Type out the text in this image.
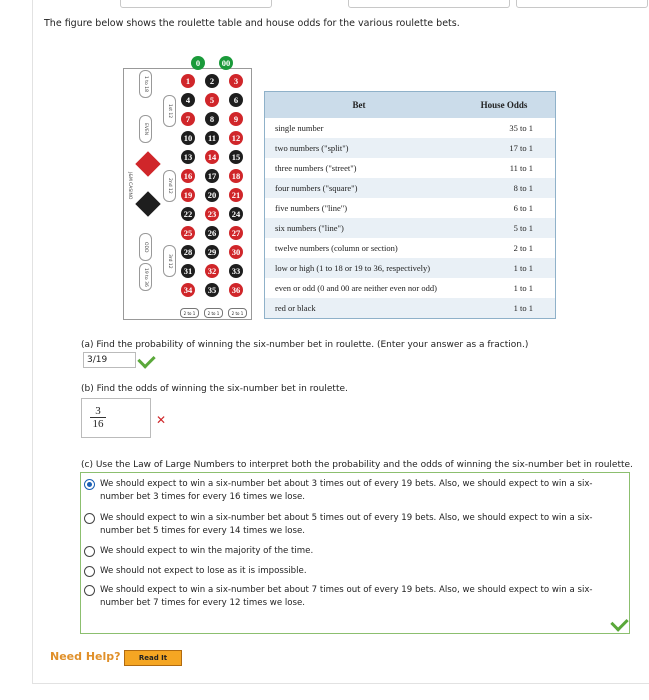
The figure below shows the roulette table and house odds for the various roulette bets.
0	00
1	2	3
4	5	6
7	8	9
10	11	12
13	14	15
16	17	18
19	20	21
22	23	24
25	26	27
28	29	30
31	32	33
34	35	36
1 to 18
EVEN
ODD
19 to 36
1st 12
2nd 12
3rd 12
J&M CASINO
2 to 1	2 to 1	2 to 1
Bet	House Odds
single number	35 to 1
two numbers ("split")	17 to 1
three numbers ("street")	11 to 1
four numbers ("square")	8 to 1
five numbers ("line")	6 to 1
six numbers ("line")	5 to 1
twelve numbers (column or section)	2 to 1
low or high (1 to 18 or 19 to 36, respectively)	1 to 1
even or odd (0 and 00 are neither even nor odd)	1 to 1
red or black	1 to 1
(a) Find the probability of winning the six-number bet in roulette. (Enter your answer as a fraction.)
3/19
(b) Find the odds of winning the six-number bet in roulette.
$\frac{3}{16}$	✕
(c) Use the Law of Large Numbers to interpret both the probability and the odds of winning the six-number bet in roulette.
We should expect to win a six-number bet about 3 times out of every 19 bets. Also, we should expect to win a six-number bet 3 times for every 16 times we lose.
We should expect to win a six-number bet about 5 times out of every 19 bets. Also, we should expect to win a six-number bet 5 times for every 14 times we lose.
We should expect to win the majority of the time.
We should not expect to lose as it is impossible.
We should expect to win a six-number bet about 7 times out of every 19 bets. Also, we should expect to win a six-number bet 7 times for every 12 times we lose.
Need Help?	Read It
